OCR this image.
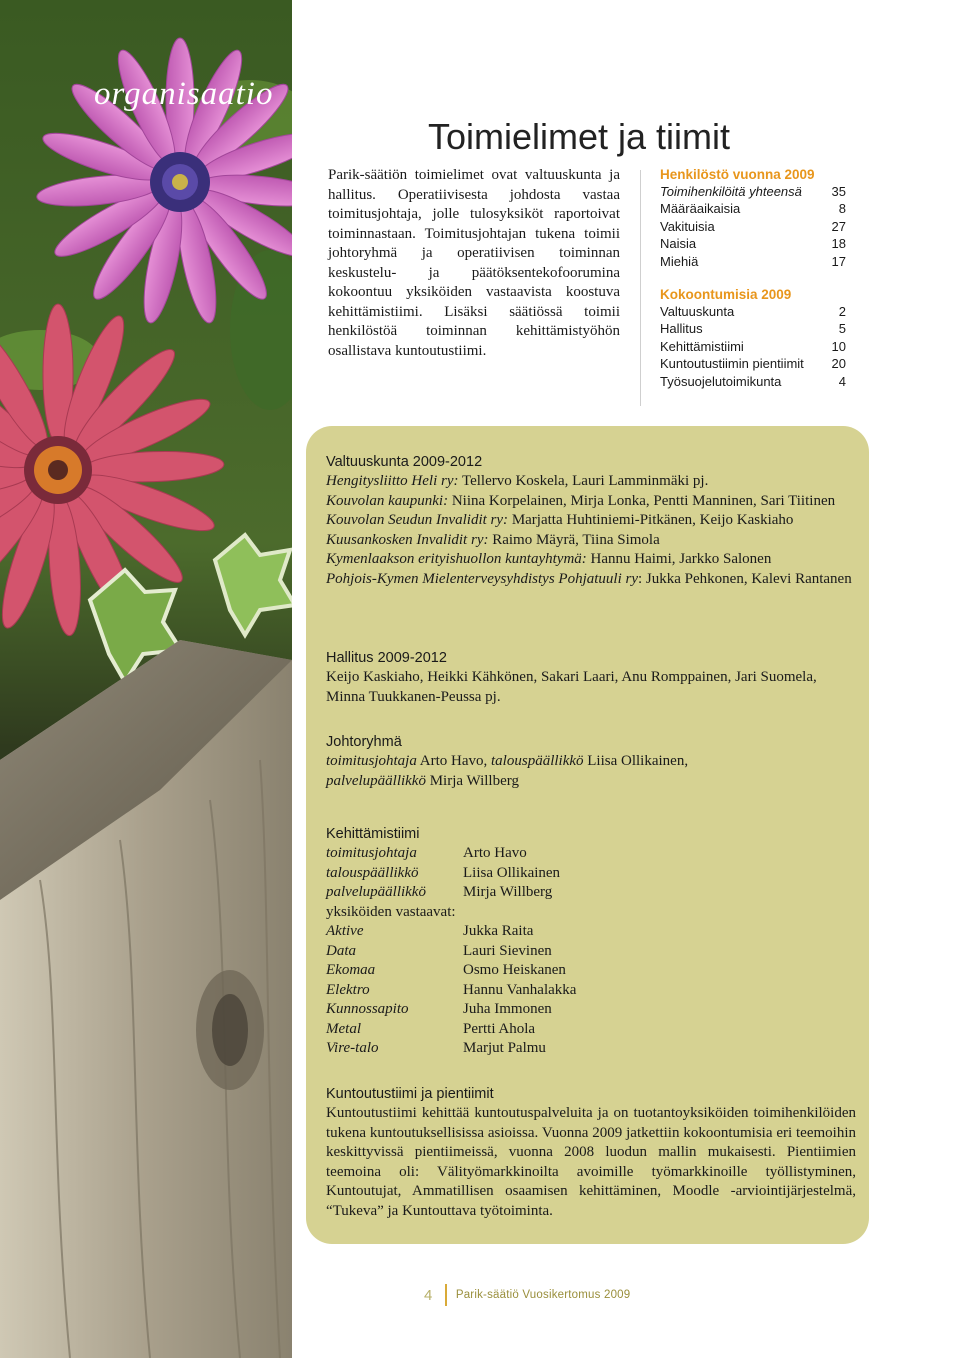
organisaatio
Toimielimet ja tiimit

Parik-säätiön toimielimet ovat valtuuskunta ja hallitus. Operatiivisesta johdosta vastaa toimitusjohtaja, jolle tulosyksiköt raportoivat toiminnastaan. Toimitusjohtajan tukena toimii johtoryhmä ja operatiivisen toiminnan keskustelu- ja päätöksentekofoorumina kokoontuu yksiköiden vastaavista koostuva kehittämistiimi. Lisäksi säätiössä toimii henkilöstöä toiminnan kehittämistyöhön osallistava kuntoutustiimi.

Henkilöstö vuonna 2009
Toimihenkilöitä yhteensä 35
Määräaikaisia	8
Vakituisia	27
Naisia	18
Miehiä	17
Kokoontumisia 2009
Valtuuskunta	2
Hallitus	5
Kehittämistiimi	10
Kuntoutustiimin pientiimit 20
Työsuojelutoimikunta	4
Valtuuskunta 2009-2012
Hengitysliitto Heli ry: Tellervo Koskela, Lauri Lamminmäki pj.
Kouvolan kaupunki: Niina Korpelainen, Mirja Lonka, Pentti Manninen, Sari Tiitinen
Kouvolan Seudun Invalidit ry: Marjatta Huhtiniemi-Pitkänen, Keijo Kaskiaho
Kuusankosken Invalidit ry: Raimo Mäyrä, Tiina Simola
Kymenlaakson erityishuollon kuntayhtymä: Hannu Haimi, Jarkko Salonen
Pohjois-Kymen Mielenterveysyhdistys Pohjatuuli ry: Jukka Pehkonen, Kalevi Rantanen
Hallitus 2009-2012
Keijo Kaskiaho, Heikki Kähkönen, Sakari Laari, Anu Romppainen, Jari Suomela, Minna Tuukkanen-Peussa pj.
Johtoryhmä
toimitusjohtaja Arto Havo, talouspäällikkö Liisa Ollikainen,
palvelupäällikkö Mirja Willberg
Kehittämistiimi
toimitusjohtaja	Arto Havo
talouspäällikkö	Liisa Ollikainen
palvelupäällikkö	Mirja Willberg
yksiköiden vastaavat:
Aktive	Jukka Raita
Data	Lauri Sievinen
Ekomaa	Osmo Heiskanen
Elektro	Hannu Vanhalakka
Kunnossapito	Juha Immonen
Metal	Pertti Ahola
Vire-talo	Marjut Palmu
Kuntoutustiimi ja pientiimit
Kuntoutustiimi kehittää kuntoutuspalveluita ja on tuotantoyksiköiden toimihenkilöiden tukena kuntoutuksellisissa asioissa. Vuonna 2009 jatkettiin kokoontumisia eri teemoihin keskittyvissä pientiimeissä, vuonna 2008 luodun mallin mukaisesti. Pientiimien teemoina oli: Välityömarkkinoilta avoimille työmarkkinoille työllistyminen, Kuntoutujat, Ammatillisen osaamisen kehittäminen, Moodle -arviointijärjestelmä, “Tukeva” ja Kuntouttava työtoiminta.
4 Parik-säätiö Vuosikertomus 2009
